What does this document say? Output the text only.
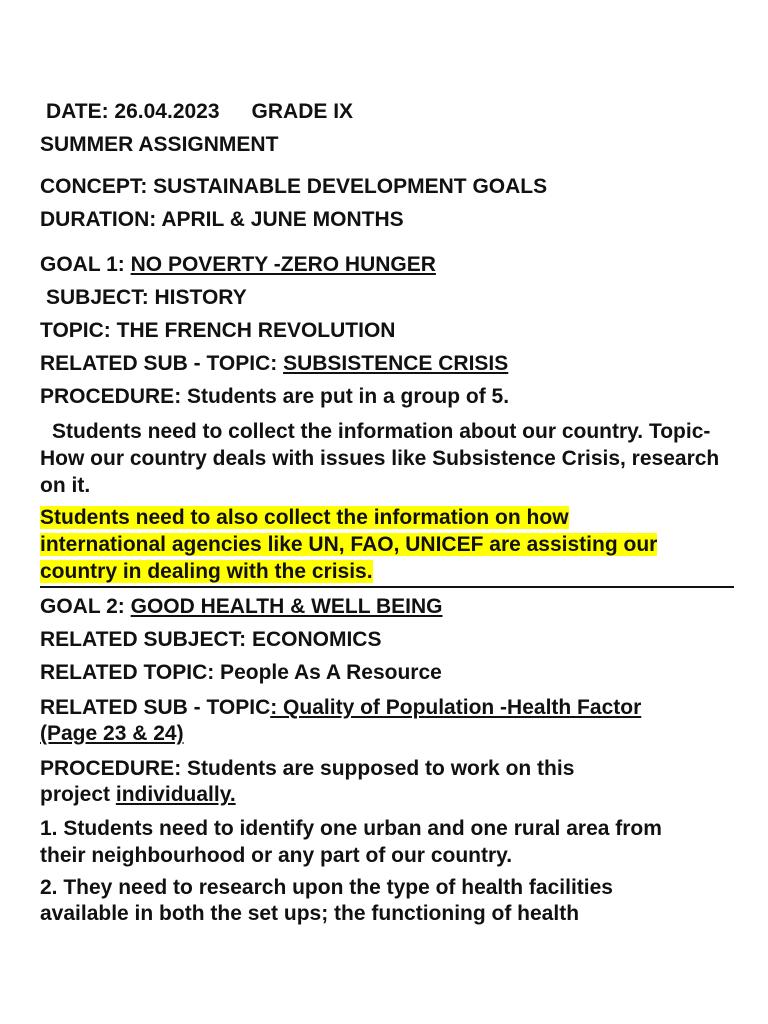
DATE: 26.04.2023 GRADE IX
SUMMER ASSIGNMENT
CONCEPT: SUSTAINABLE DEVELOPMENT GOALS
DURATION: APRIL & JUNE MONTHS
GOAL 1: NO POVERTY -ZERO HUNGER
SUBJECT: HISTORY
TOPIC: THE FRENCH REVOLUTION
RELATED SUB - TOPIC: SUBSISTENCE CRISIS
PROCEDURE: Students are put in a group of 5.
Students need to collect the information about our country. Topic- How our country deals with issues like Subsistence Crisis, research on it.
Students need to also collect the information on how
international agencies like UN, FAO, UNICEF are assisting our
country in dealing with the crisis.
GOAL 2: GOOD HEALTH & WELL BEING
RELATED SUBJECT: ECONOMICS
RELATED TOPIC: People As A Resource
RELATED SUB - TOPIC: Quality of Population -Health Factor
(Page 23 & 24)
PROCEDURE: Students are supposed to work on this
project individually.
1. Students need to identify one urban and one rural area from their neighbourhood or any part of our country.
2. They need to research upon the type of health facilities
available in both the set ups; the functioning of health
